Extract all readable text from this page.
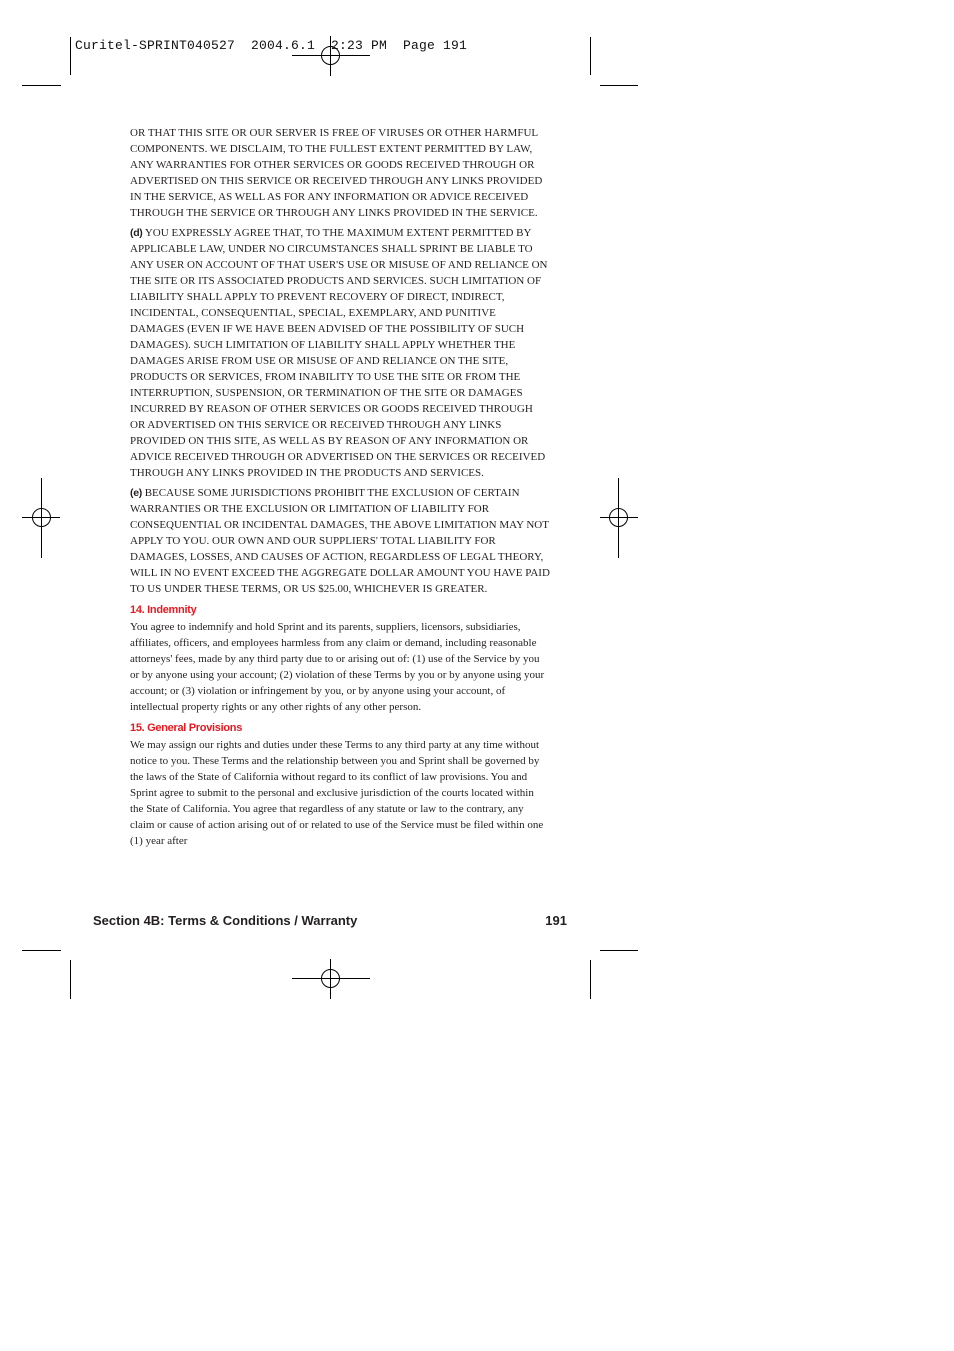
Curitel-SPRINT040527  2004.6.1  2:23 PM  Page 191

OR THAT THIS SITE OR OUR SERVER IS FREE OF VIRUSES OR OTHER HARMFUL COMPONENTS. WE DISCLAIM, TO THE FULLEST EXTENT PERMITTED BY LAW, ANY WARRANTIES FOR OTHER SERVICES OR GOODS RECEIVED THROUGH OR ADVERTISED ON THIS SERVICE OR RECEIVED THROUGH ANY LINKS PROVIDED IN THE SERVICE, AS WELL AS FOR ANY INFORMATION OR ADVICE RECEIVED THROUGH THE SERVICE OR THROUGH ANY LINKS PROVIDED IN THE SERVICE.

(d) YOU EXPRESSLY AGREE THAT, TO THE MAXIMUM EXTENT PERMITTED BY APPLICABLE LAW, UNDER NO CIRCUMSTANCES SHALL SPRINT BE LIABLE TO ANY USER ON ACCOUNT OF THAT USER'S USE OR MISUSE OF AND RELIANCE ON THE SITE OR ITS ASSOCIATED PRODUCTS AND SERVICES. SUCH LIMITATION OF LIABILITY SHALL APPLY TO PREVENT RECOVERY OF DIRECT, INDIRECT, INCIDENTAL, CONSEQUENTIAL, SPECIAL, EXEMPLARY, AND PUNITIVE DAMAGES (EVEN IF WE HAVE BEEN ADVISED OF THE POSSIBILITY OF SUCH DAMAGES). SUCH LIMITATION OF LIABILITY SHALL APPLY WHETHER THE DAMAGES ARISE FROM USE OR MISUSE OF AND RELIANCE ON THE SITE, PRODUCTS OR SERVICES, FROM INABILITY TO USE THE SITE OR FROM THE INTERRUPTION, SUSPENSION, OR TERMINATION OF THE SITE OR DAMAGES INCURRED BY REASON OF OTHER SERVICES OR GOODS RECEIVED THROUGH OR ADVERTISED ON THIS SERVICE OR RECEIVED THROUGH ANY LINKS PROVIDED ON THIS SITE, AS WELL AS BY REASON OF ANY INFORMATION OR ADVICE RECEIVED THROUGH OR ADVERTISED ON THE SERVICES OR RECEIVED THROUGH ANY LINKS PROVIDED IN THE PRODUCTS AND SERVICES.

(e) BECAUSE SOME JURISDICTIONS PROHIBIT THE EXCLUSION OF CERTAIN WARRANTIES OR THE EXCLUSION OR LIMITATION OF LIABILITY FOR CONSEQUENTIAL OR INCIDENTAL DAMAGES, THE ABOVE LIMITATION MAY NOT APPLY TO YOU. OUR OWN AND OUR SUPPLIERS' TOTAL LIABILITY FOR DAMAGES, LOSSES, AND CAUSES OF ACTION, REGARDLESS OF LEGAL THEORY, WILL IN NO EVENT EXCEED THE AGGREGATE DOLLAR AMOUNT YOU HAVE PAID TO US UNDER THESE TERMS, OR US $25.00, WHICHEVER IS GREATER.

14. Indemnity

You agree to indemnify and hold Sprint and its parents, suppliers, licensors, subsidiaries, affiliates, officers, and employees harmless from any claim or demand, including reasonable attorneys' fees, made by any third party due to or arising out of: (1) use of the Service by you or by anyone using your account; (2) violation of these Terms by you or by anyone using your account; or (3) violation or infringement by you, or by anyone using your account, of intellectual property rights or any other rights of any other person.

15. General Provisions

We may assign our rights and duties under these Terms to any third party at any time without notice to you. These Terms and the relationship between you and Sprint shall be governed by the laws of the State of California without regard to its conflict of law provisions. You and Sprint agree to submit to the personal and exclusive jurisdiction of the courts located within the State of California. You agree that regardless of any statute or law to the contrary, any claim or cause of action arising out of or related to use of the Service must be filed within one (1) year after

Section 4B: Terms & Conditions / Warranty	191
